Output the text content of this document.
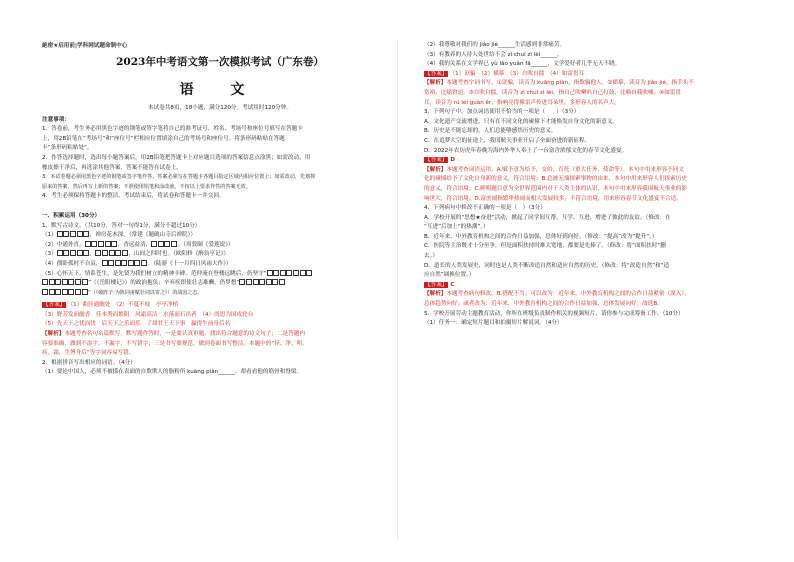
絶密★启用前|学科网试题命制中心
2023年中考语文第一次模拟考试（广东卷）
语 文
本试卷共8页，18小题，满分120分。考试用时120分钟。
注意事项：
1．答卷前，考生务必用黑色字迹的钢笔或签字笔将自己的准考证号、姓名、考场号和座位号填写在答题卡
上，用2B铅笔在“考场号”和“座位号”栏相应位置填涂自己的考场号和座位号。将条形码粘贴在答题
卡“条形码粘贴处”。
2．作答选择题时，选出每小题答案后，用2B铅笔把答题卡上对应题目选项的答案信息点涂黑；如需改动，用
橡皮擦干净后，再选涂其他答案，答案不能答在试卷上。
3．本试卷题必须用黑色字迹的钢笔或签字笔作答，答案必须写在答题卡各题目指定区域内相应位置上；如需改动，先划掉
原来的答案，然后再写上新的答案；不准使用铅笔和涂改液。不按以上要求作答的答案无效。
4．考生必须保持答题卡的整洁。考试结束后，将试卷和答题卡一并交回。
一、积累运用（30分）
1．默写古诗文。（共10分，答对一句得1分，满分不超过10分）
（1）	，禅房花木深。（常建《题破山寺后禅院》）
（2）中通外直，	，香远益清，	。（周敦颐《爱莲说》）
（3）	，	，山间之四时也。（欧阳修《醉翁亭记》）
（4）僵卧孤村不自哀，	。（陆游《十一月四日风雨大作》）
（5）心怀天下，情系苍生，是先贤为我们树立的精神丰碑。范仲淹在登楼远眺后，仍坚守“
”（《岳阳楼记》）的政治抱负；辛弃疾即使壮志难酬，仍梦想“
”（《破阵子·为陈同甫赋壮词以寄之》）的战国之志。
【答案】 （1）曲径通幽处　（2）不蔓不枝　亭亭净植
（3）野芳发而幽香　佳木秀而繁阴　风霜高洁　水落而石出者　（4）尚思为国戍轮台
（5）先天下之忧而忧　后天下之乐而乐　了却君王天下事　赢得生前身后名
【解析】本题考查名句名篇默写。默写题作答时，一是要认真审题，找出符合题意的诗文句子；二是答题内
容要准确，做到不添字，不漏字，不写错字；三是书写要规范，做到卷面书写整洁。本题中的“径、净、明、
疾、霜、生博身后”等字词容易写错。
2．根据拼音写出相应的词语。（4分）
（1）要论中国人，必须不被搽在表面的自欺欺人的脂粉所 kuāng piàn______，却看看他的筋骨和脊梁。
（2）我尊敬对我们的 jiǎo jié______生活感到非常痛苦。
（3）有教养的人待人处世给不会 zì chuí zì lèi______。
（4）我的关系在文学界已 yù lǎo yuàn fā______，文学爱好者几乎无人不晓。
【答案】 （1）诓骗　（2）描摹　（3）自吹自擂　（4）如雷贯耳
【解析】本题考查字词书写。①诓骗，读音为 kuāng piàn，指欺骗他人。②描摹，读音为 jiǎo jié，指手头不
宽裕，比喻窘迫。③自吹自擂，读音为 zì chuí zì lèi，指自己吹喇叭自己打鼓，比喻自我吹嘘。④如雷贯
耳，读音为 rú léi guàn ěr，指响亮得像雷声传进耳朵里，多形容人的名声大。
3．下列句子中，加点词语使用不恰当的一项是（　　）（3分）
A．文化遗产交流增进，只有在不同文化的碰撞下才能焕发自身文化的新意义。
B．历史是不能忘却的，人们总能够感悟历史的意义。
C．在追梦大空的征途上，我国航天事业开启了全面奋进的新征程。
D．2022年农历虎年春晚为海内外华人奉上了一台富含浓郁文化的春节文化盛宴。
【答案】 D
【解析】本题考查词语运用。A.赋予意为给予，交给，育托（重大任务、使命等）。本句中用来形容不同文
化的碰撞给予了文化自身新的意义，符合语境；B.总被无端探索事物的由来，本句中用来形容人们探索历史
的意义，符合语境；C.鲜明题目意为全世界范围内对于人类主体的认识，本句中用来形容我国航天事业的影
响世大，符合语境；D.富庶闹指繁华热闹而相大发展较多，不符合语境，用来形容春节文化盛宴不合适。
4．下列病句中修改不正确的一项是（　）（3分）
A．学校开展的“思想★奋进”活动，掀起了同学间互帮、互学、互进，增进了彼此的友谊。（修改：在
“互进”后加上“的热潮”。）
B．近年来，中外教育机构之间的合作日益加强，总体好到向好。（修改：“提高”改为“提升”。）
C．医院等主治既才十分至争，但是面积扶持时难大宽地，都要是先捧了。（修改：将“面积扶时”删
去。）
D．道长的人类发展史，同时也是人类不断改造自然和适应自然的历史。（修改：将“改造自然”和“适
应自然”调换位置。）
【答案】 C
【解析】本题考查病句修改。B.搭配不当；可以改为：近年来，中外教育机构之间的合作日益紧密（深入），
总体趋势向好；或者改为：近年来，中外教育机构之间的合作日益加强，总体发展向好。故选B。
5．学校开展劳动主题教育活动，你所在班级负责制作相关的视频短片，请你参与完成筹备工作。（10分）
（1）任务一：确定短片题目和拍摄短片解说词。（4分）
